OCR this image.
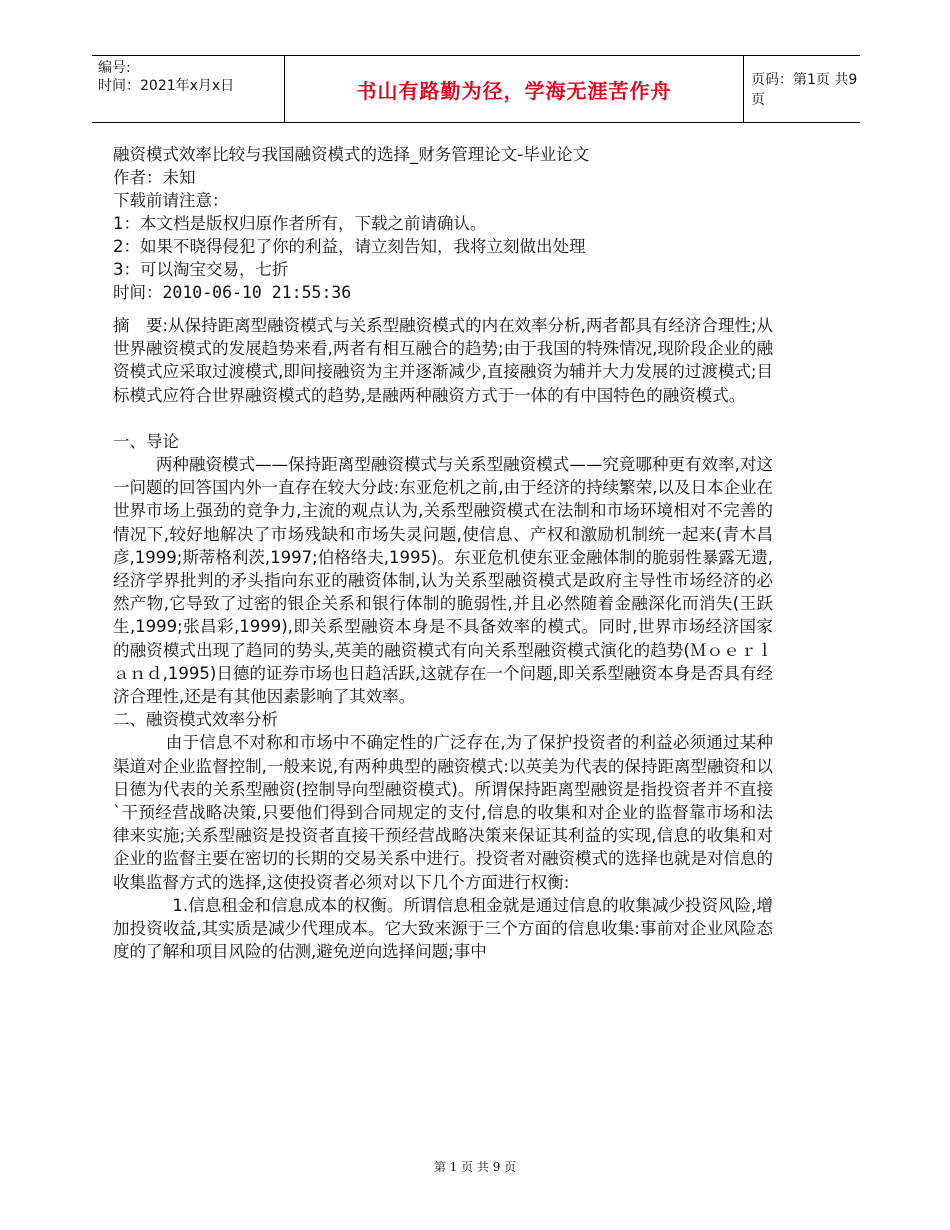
编号:
时间：2021年x月x日	书山有路勤为径，学海无涯苦作舟	页码：第1页 共9页
融资模式效率比较与我国融资模式的选择_财务管理论文-毕业论文
作者：未知
下载前请注意：
1：本文档是版权归原作者所有，下载之前请确认。
2：如果不晓得侵犯了你的利益，请立刻告知，我将立刻做出处理
3：可以淘宝交易，七折
时间：2010-06-10 21:55:36
摘　要:从保持距离型融资模式与关系型融资模式的内在效率分析,两者都具有经济合理性;从世界融资模式的发展趋势来看,两者有相互融合的趋势;由于我国的特殊情况,现阶段企业的融资模式应采取过渡模式,即间接融资为主并逐渐减少,直接融资为辅并大力发展的过渡模式;目标模式应符合世界融资模式的趋势,是融两种融资方式于一体的有中国特色的融资模式。
一、导论
两种融资模式——保持距离型融资模式与关系型融资模式——究竟哪种更有效率,对这一问题的回答国内外一直存在较大分歧:东亚危机之前,由于经济的持续繁荣,以及日本企业在世界市场上强劲的竞争力,主流的观点认为,关系型融资模式在法制和市场环境相对不完善的情况下,较好地解决了市场残缺和市场失灵问题,使信息、产权和激励机制统一起来(青木昌彦,1999;斯蒂格利茨,1997;伯格络夫,1995)。东亚危机使东亚金融体制的脆弱性暴露无遗,经济学界批判的矛头指向东亚的融资体制,认为关系型融资模式是政府主导性市场经济的必然产物,它导致了过密的银企关系和银行体制的脆弱性,并且必然随着金融深化而消失(王跃生,1999;张昌彩,1999),即关系型融资本身是不具备效率的模式。同时,世界市场经济国家的融资模式出现了趋同的势头,英美的融资模式有向关系型融资模式演化的趋势(Ｍｏｅｒｌａｎｄ,1995)日德的证券市场也日趋活跃,这就存在一个问题,即关系型融资本身是否具有经济合理性,还是有其他因素影响了其效率。
二、融资模式效率分析
由于信息不对称和市场中不确定性的广泛存在,为了保护投资者的利益必须通过某种渠道对企业监督控制,一般来说,有两种典型的融资模式:以英美为代表的保持距离型融资和以日德为代表的关系型融资(控制导向型融资模式)。所谓保持距离型融资是指投资者并不直接`干预经营战略决策,只要他们得到合同规定的支付,信息的收集和对企业的监督靠市场和法律来实施;关系型融资是投资者直接干预经营战略决策来保证其利益的实现,信息的收集和对企业的监督主要在密切的长期的交易关系中进行。投资者对融资模式的选择也就是对信息的收集监督方式的选择,这使投资者必须对以下几个方面进行权衡:
1.信息租金和信息成本的权衡。所谓信息租金就是通过信息的收集减少投资风险,增加投资收益,其实质是减少代理成本。它大致来源于三个方面的信息收集:事前对企业风险态度的了解和项目风险的估测,避免逆向选择问题;事中
第 1 页 共 9 页
